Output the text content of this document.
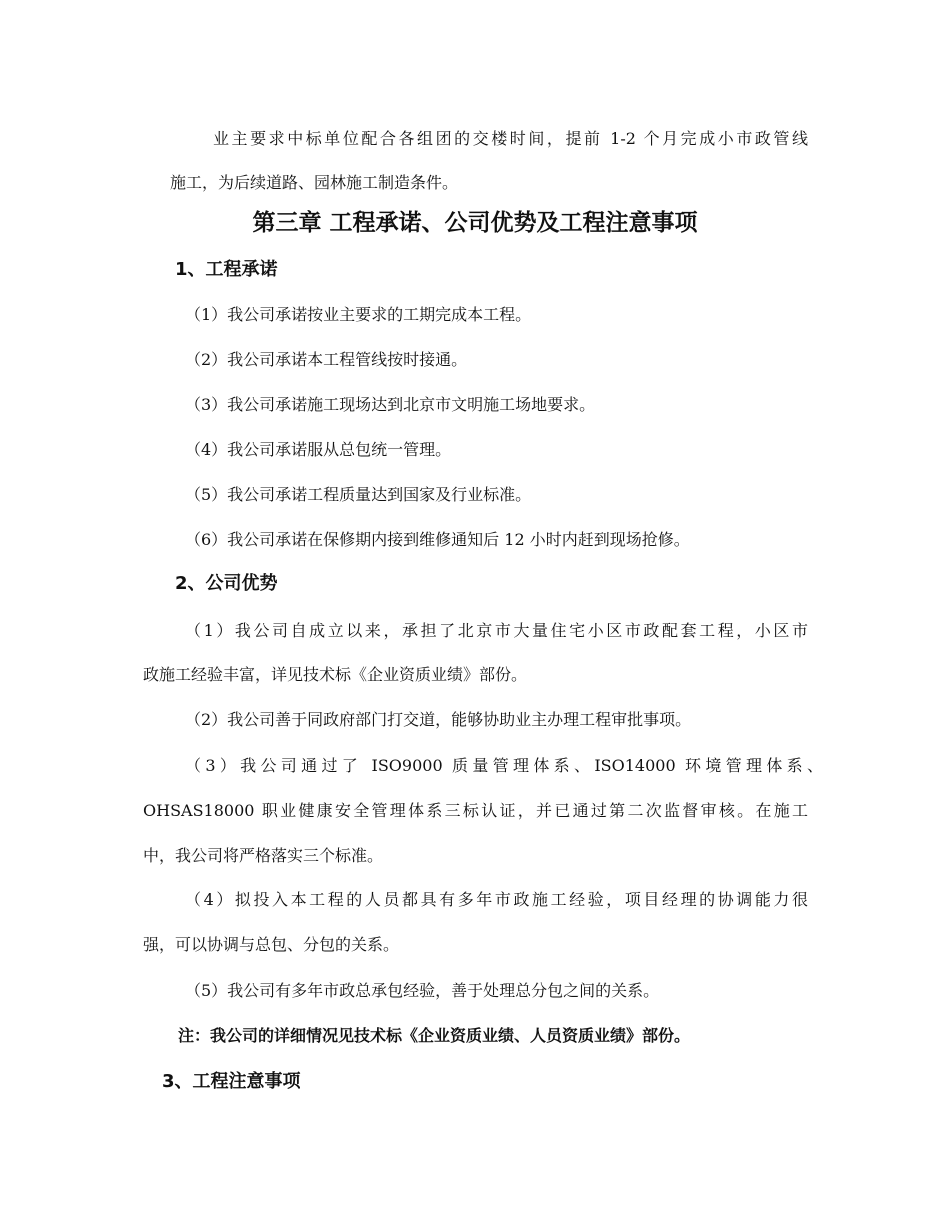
业主要求中标单位配合各组团的交楼时间，提前 1-2 个月完成小市政管线
施工，为后续道路、园林施工制造条件。
第三章 工程承诺、公司优势及工程注意事项
1、工程承诺
（1）我公司承诺按业主要求的工期完成本工程。
（2）我公司承诺本工程管线按时接通。
（3）我公司承诺施工现场达到北京市文明施工场地要求。
（4）我公司承诺服从总包统一管理。
（5）我公司承诺工程质量达到国家及行业标准。
（6）我公司承诺在保修期内接到维修通知后 12 小时内赶到现场抢修。
2、公司优势
（1）我公司自成立以来，承担了北京市大量住宅小区市政配套工程，小区市
政施工经验丰富，详见技术标《企业资质业绩》部份。
（2）我公司善于同政府部门打交道，能够协助业主办理工程审批事项。
（3）我公司通过了 ISO9000 质量管理体系、ISO14000 环境管理体系、
OHSAS18000 职业健康安全管理体系三标认证，并已通过第二次监督审核。在施工
中，我公司将严格落实三个标准。
（4）拟投入本工程的人员都具有多年市政施工经验，项目经理的协调能力很
强，可以协调与总包、分包的关系。
（5）我公司有多年市政总承包经验，善于处理总分包之间的关系。
注：我公司的详细情况见技术标《企业资质业绩、人员资质业绩》部份。
3、工程注意事项
